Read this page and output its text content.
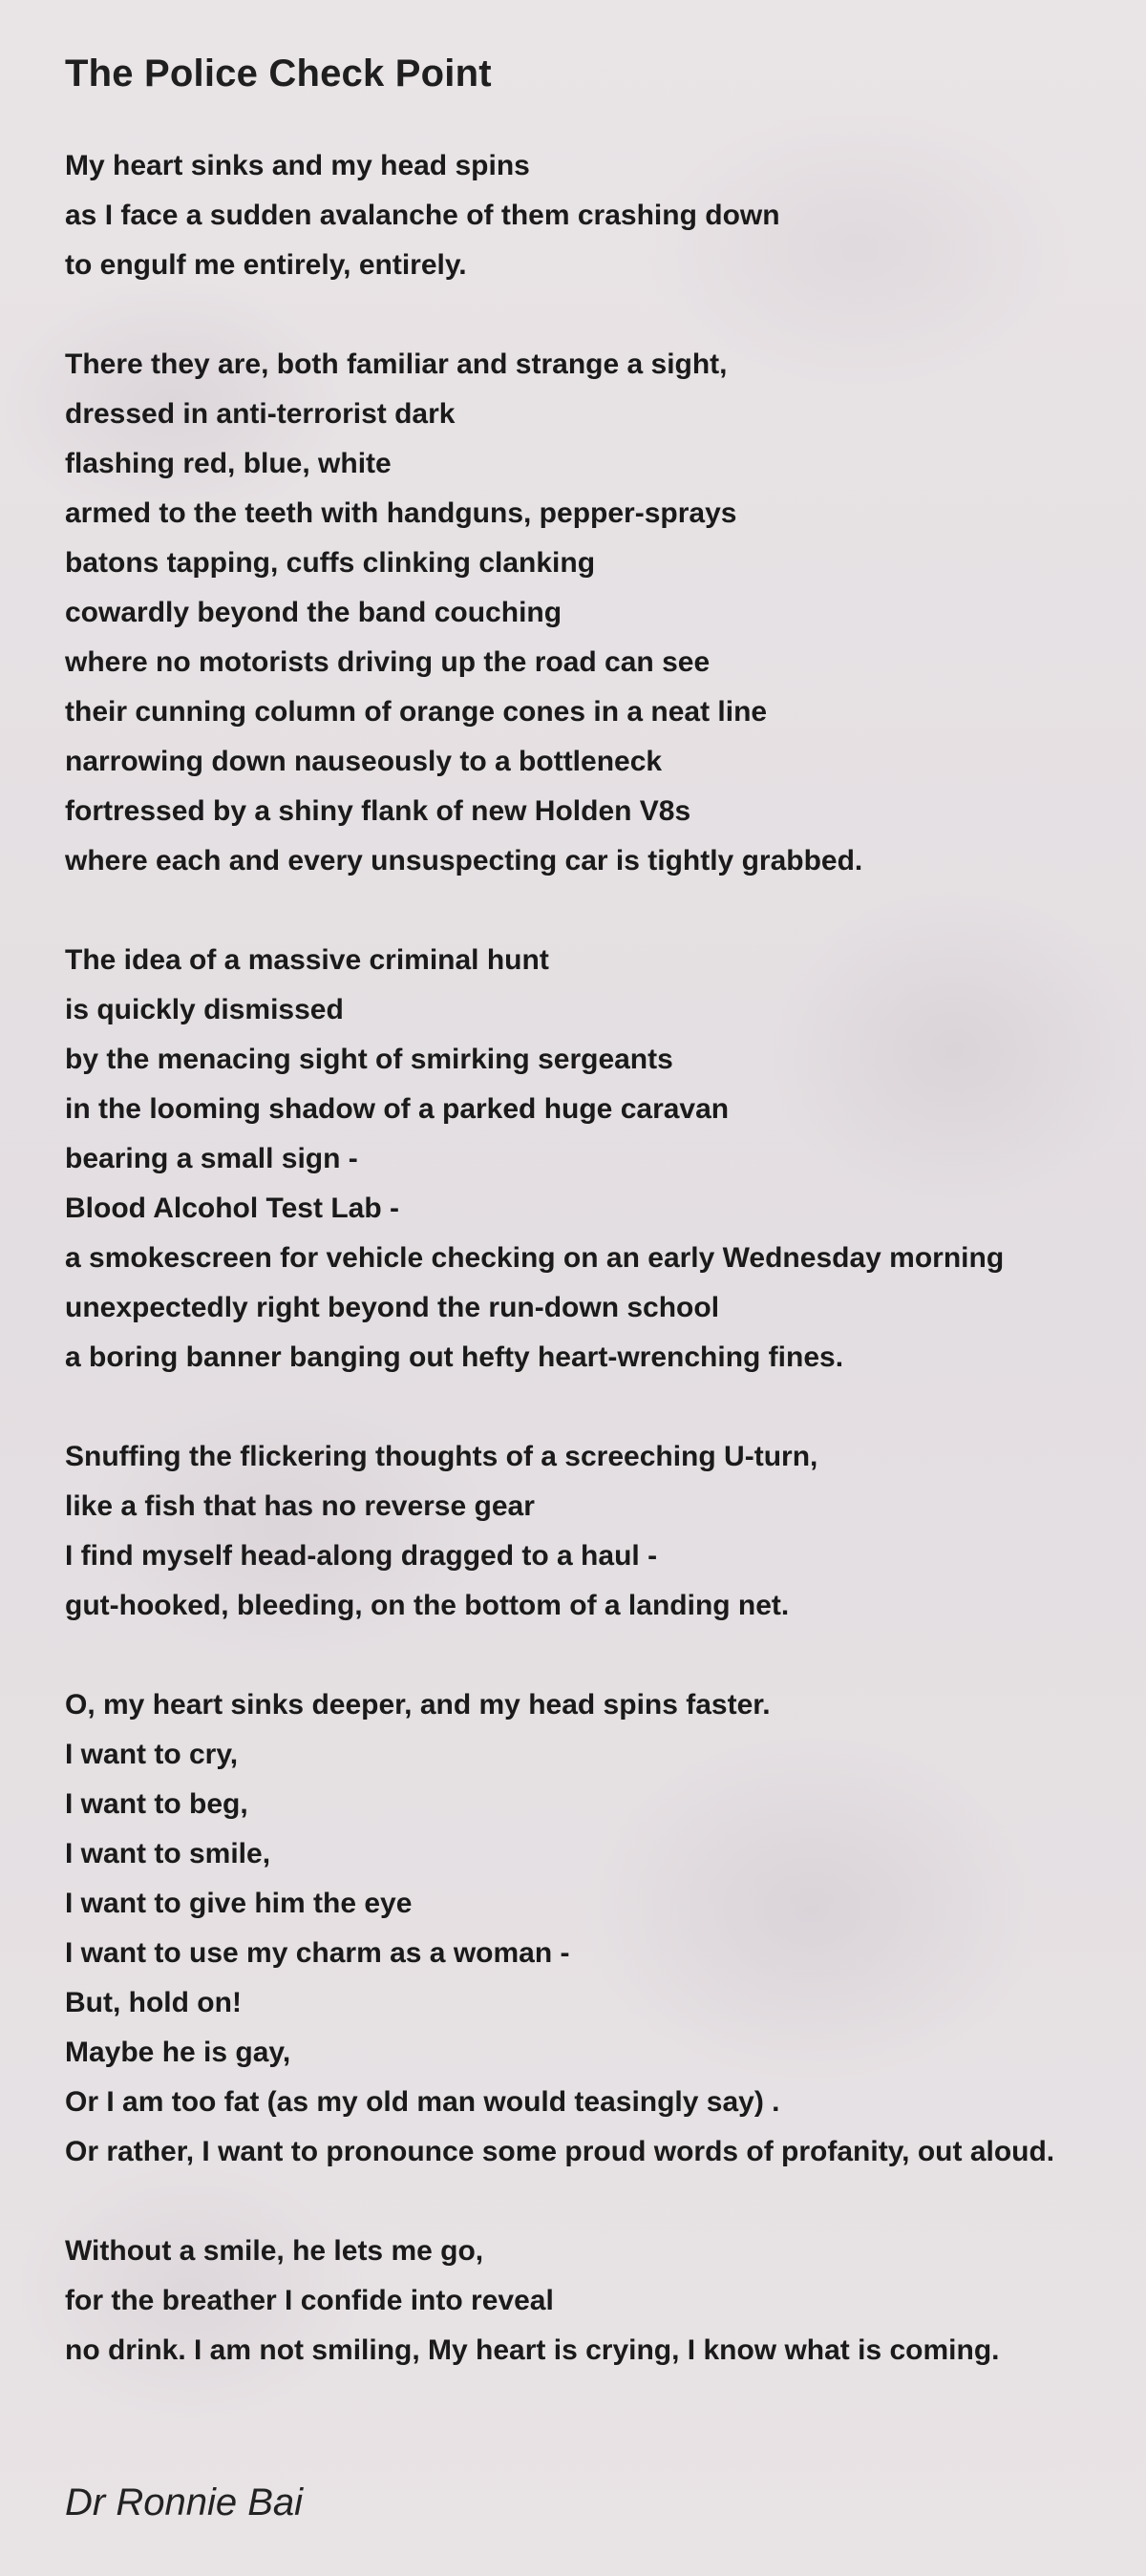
The Police Check Point
My heart sinks and my head spins
as I face a sudden avalanche of them crashing down
to engulf me entirely, entirely.
There they are, both familiar and strange a sight,
dressed in anti-terrorist dark
flashing red, blue, white
armed to the teeth with handguns, pepper-sprays
batons tapping, cuffs clinking clanking
cowardly beyond the band couching
where no motorists driving up the road can see
their cunning column of orange cones in a neat line
narrowing down nauseously to a bottleneck
fortressed by a shiny flank of new Holden V8s
where each and every unsuspecting car is tightly grabbed.
The idea of a massive criminal hunt
is quickly dismissed
by the menacing sight of smirking sergeants
in the looming shadow of a parked huge caravan
bearing a small sign -
Blood Alcohol Test Lab -
a smokescreen for vehicle checking on an early Wednesday morning
unexpectedly right beyond the run-down school
a boring banner banging out hefty heart-wrenching fines.
Snuffing the flickering thoughts of a screeching U-turn,
like a fish that has no reverse gear
I find myself head-along dragged to a haul -
gut-hooked, bleeding, on the bottom of a landing net.
O, my heart sinks deeper, and my head spins faster.
I want to cry,
I want to beg,
I want to smile,
I want to give him the eye
I want to use my charm as a woman -
But, hold on!
Maybe he is gay,
Or I am too fat (as my old man would teasingly say) .
Or rather, I want to pronounce some proud words of profanity, out aloud.
Without a smile, he lets me go,
for the breather I confide into reveal
no drink. I am not smiling, My heart is crying, I know what is coming.
Dr Ronnie Bai
